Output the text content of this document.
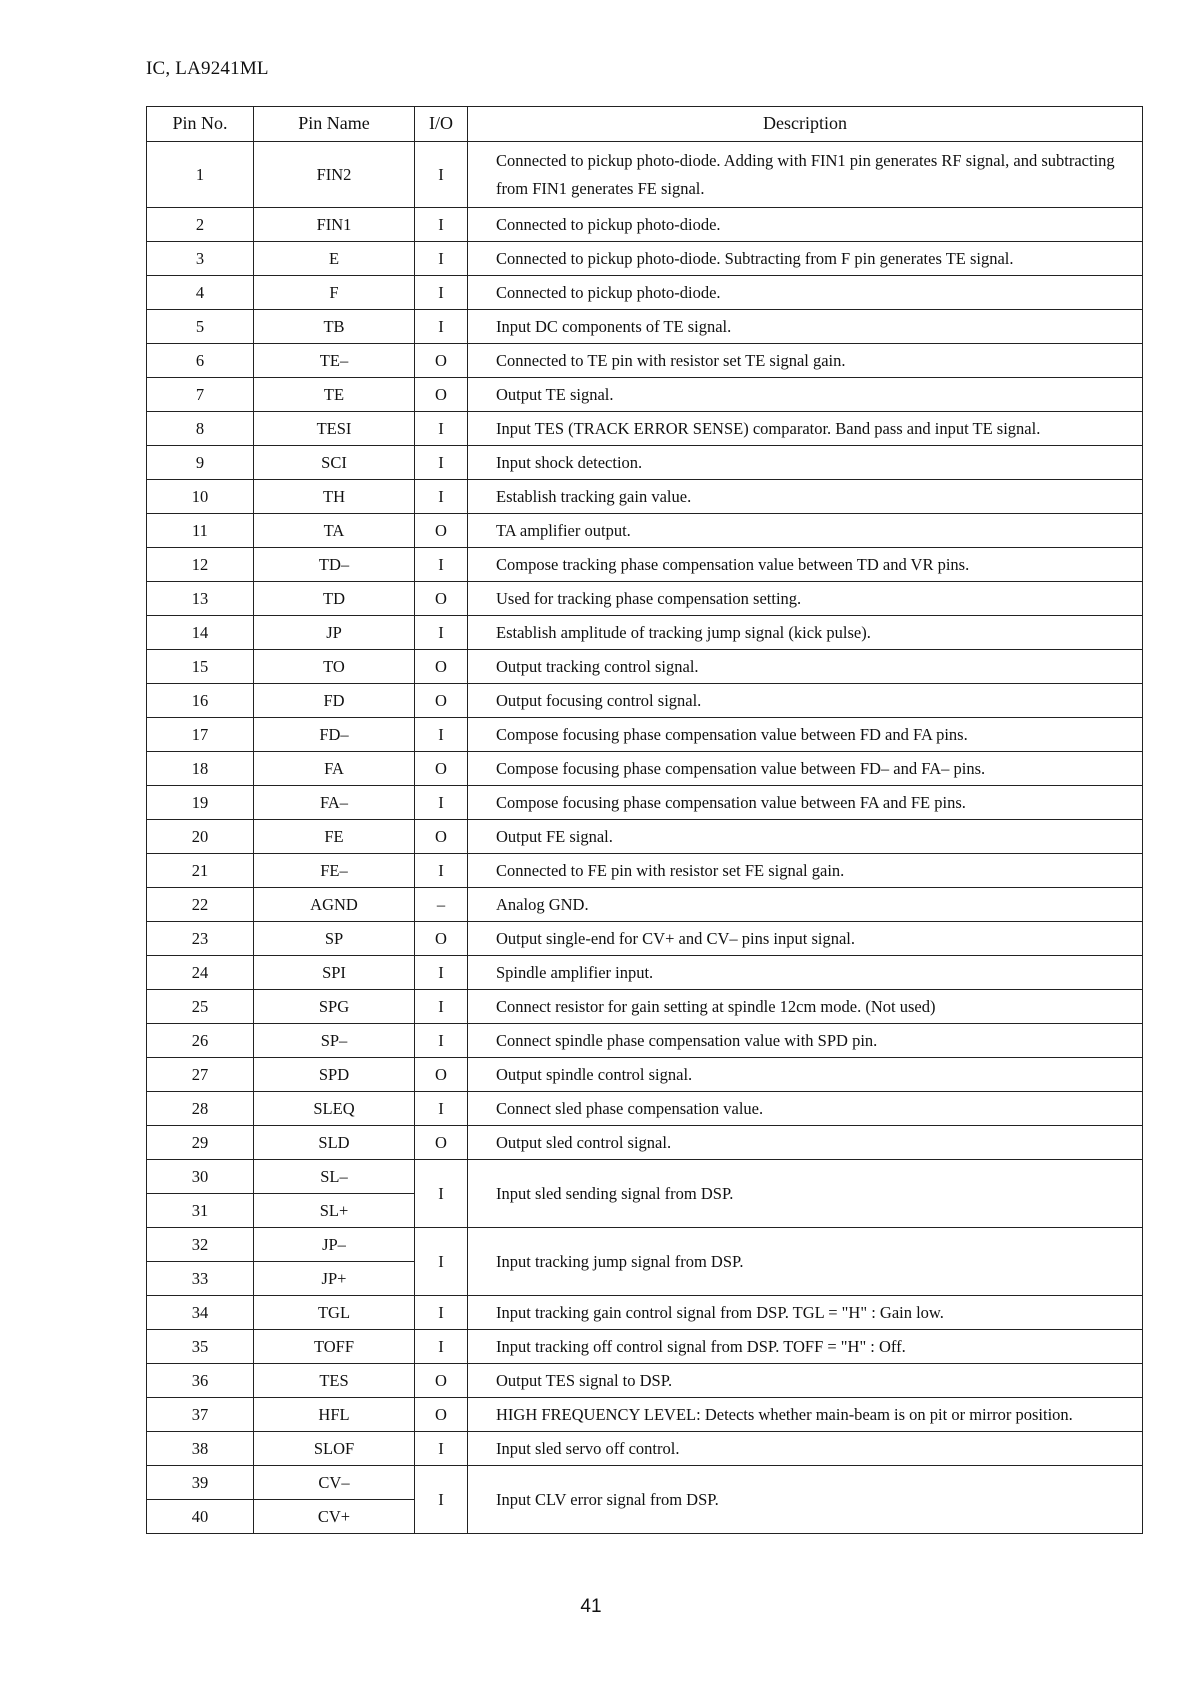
IC, LA9241ML
Pin No.	Pin Name	I/O	Description
1	FIN2	I	Connected to pickup photo-diode. Adding with FIN1 pin generates RF signal, and subtracting from FIN1 generates FE signal.
2	FIN1	I	Connected to pickup photo-diode.
3	E	I	Connected to pickup photo-diode. Subtracting from F pin generates TE signal.
4	F	I	Connected to pickup photo-diode.
5	TB	I	Input DC components of TE signal.
6	TE–	O	Connected to TE pin with resistor set TE signal gain.
7	TE	O	Output TE signal.
8	TESI	I	Input TES (TRACK ERROR SENSE) comparator. Band pass and input TE signal.
9	SCI	I	Input shock detection.
10	TH	I	Establish tracking gain value.
11	TA	O	TA amplifier output.
12	TD–	I	Compose tracking phase compensation value between TD and VR pins.
13	TD	O	Used for tracking phase compensation setting.
14	JP	I	Establish amplitude of tracking jump signal (kick pulse).
15	TO	O	Output tracking control signal.
16	FD	O	Output focusing control signal.
17	FD–	I	Compose focusing phase compensation value between FD and FA pins.
18	FA	O	Compose focusing phase compensation value between FD– and FA– pins.
19	FA–	I	Compose focusing phase compensation value between FA and FE pins.
20	FE	O	Output FE signal.
21	FE–	I	Connected to FE pin with resistor set FE signal gain.
22	AGND	–	Analog GND.
23	SP	O	Output single-end for CV+ and CV– pins input signal.
24	SPI	I	Spindle amplifier input.
25	SPG	I	Connect resistor for gain setting at spindle 12cm mode. (Not used)
26	SP–	I	Connect spindle phase compensation value with SPD pin.
27	SPD	O	Output spindle control signal.
28	SLEQ	I	Connect sled phase compensation value.
29	SLD	O	Output sled control signal.
30	SL–	I	Input sled sending signal from DSP.
31	SL+		
32	JP–	I	Input tracking jump signal from DSP.
33	JP+		
34	TGL	I	Input tracking gain control signal from DSP. TGL = "H" : Gain low.
35	TOFF	I	Input tracking off control signal from DSP. TOFF = "H" : Off.
36	TES	O	Output TES signal to DSP.
37	HFL	O	HIGH FREQUENCY LEVEL: Detects whether main-beam is on pit or mirror position.
38	SLOF	I	Input sled servo off control.
39	CV–	I	Input CLV error signal from DSP.
40	CV+		
41
